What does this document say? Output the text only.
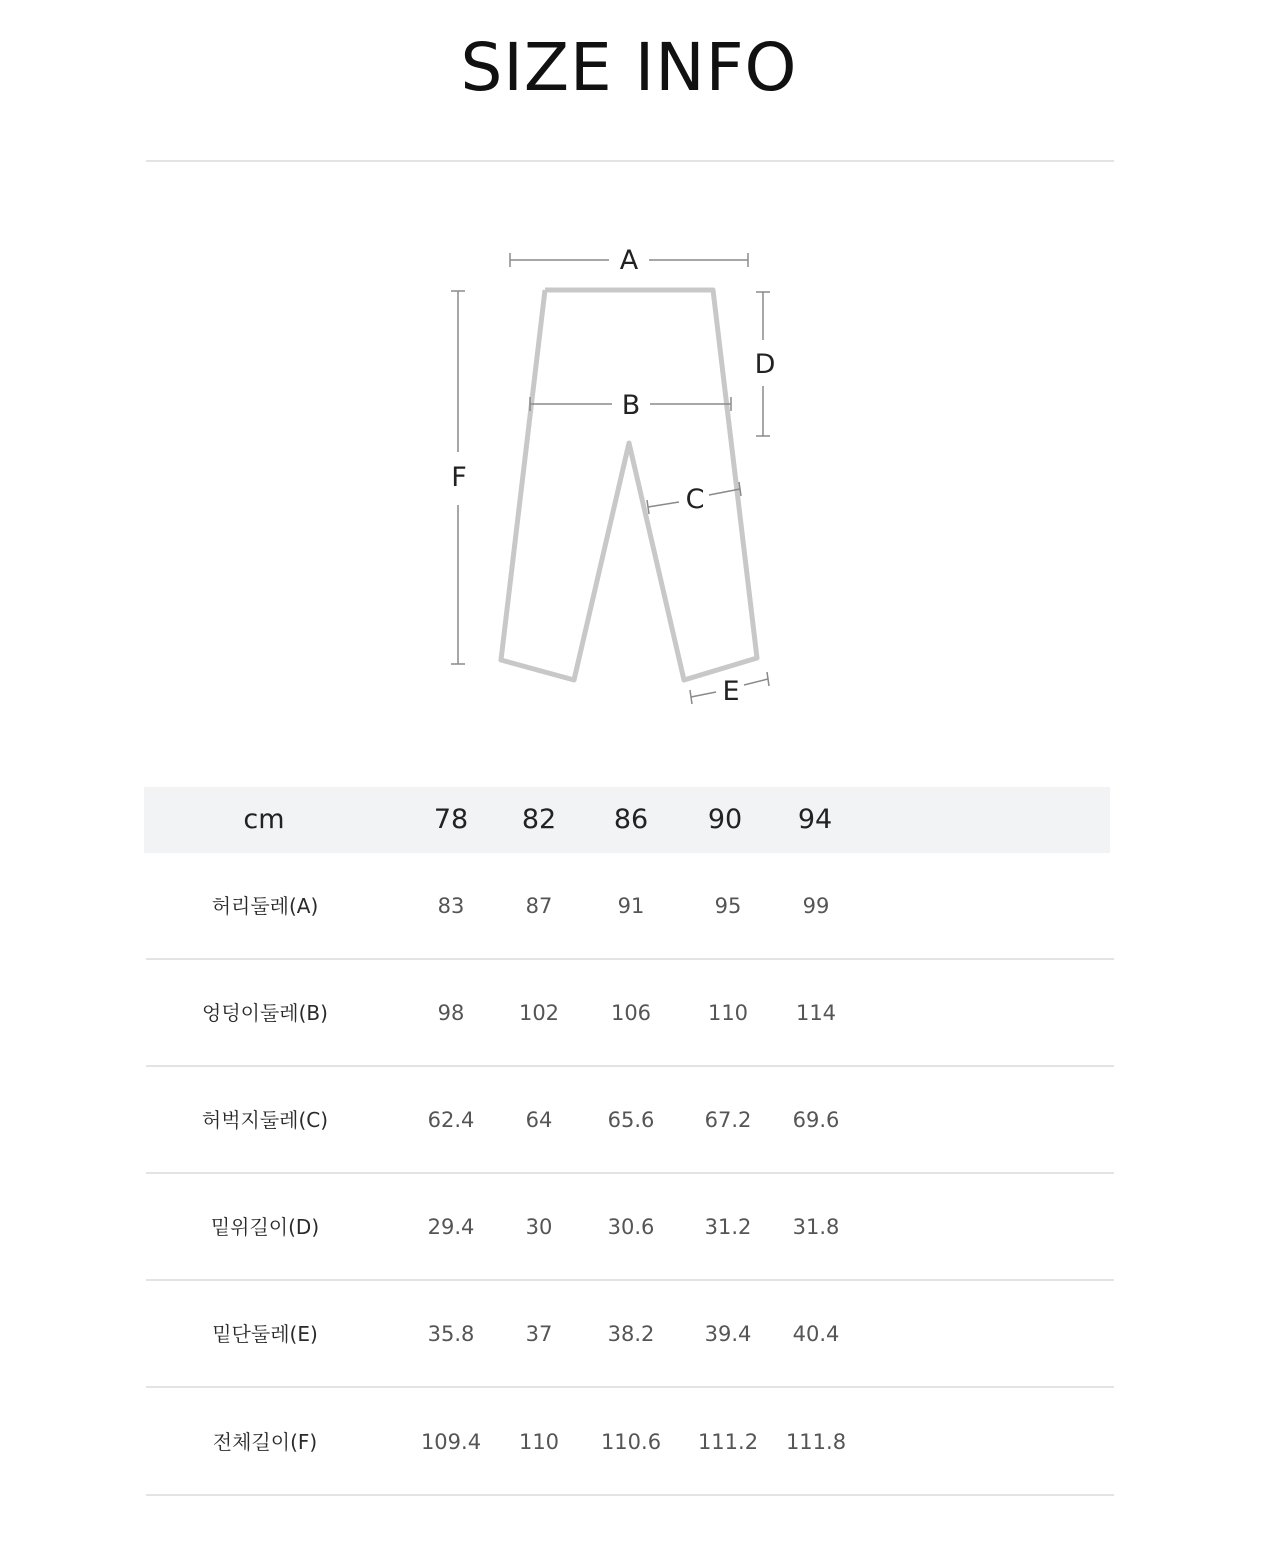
SIZE INFO
A
B
C
D
E
F
cm	78	82	86	90	94
허리둘레(A)	83	87	91	95	99
엉덩이둘레(B)	98	102	106	110	114
허벅지둘레(C)	62.4	64	65.6	67.2	69.6
밑위길이(D)	29.4	30	30.6	31.2	31.8
밑단둘레(E)	35.8	37	38.2	39.4	40.4
전체길이(F)	109.4	110	110.6	111.2	111.8
